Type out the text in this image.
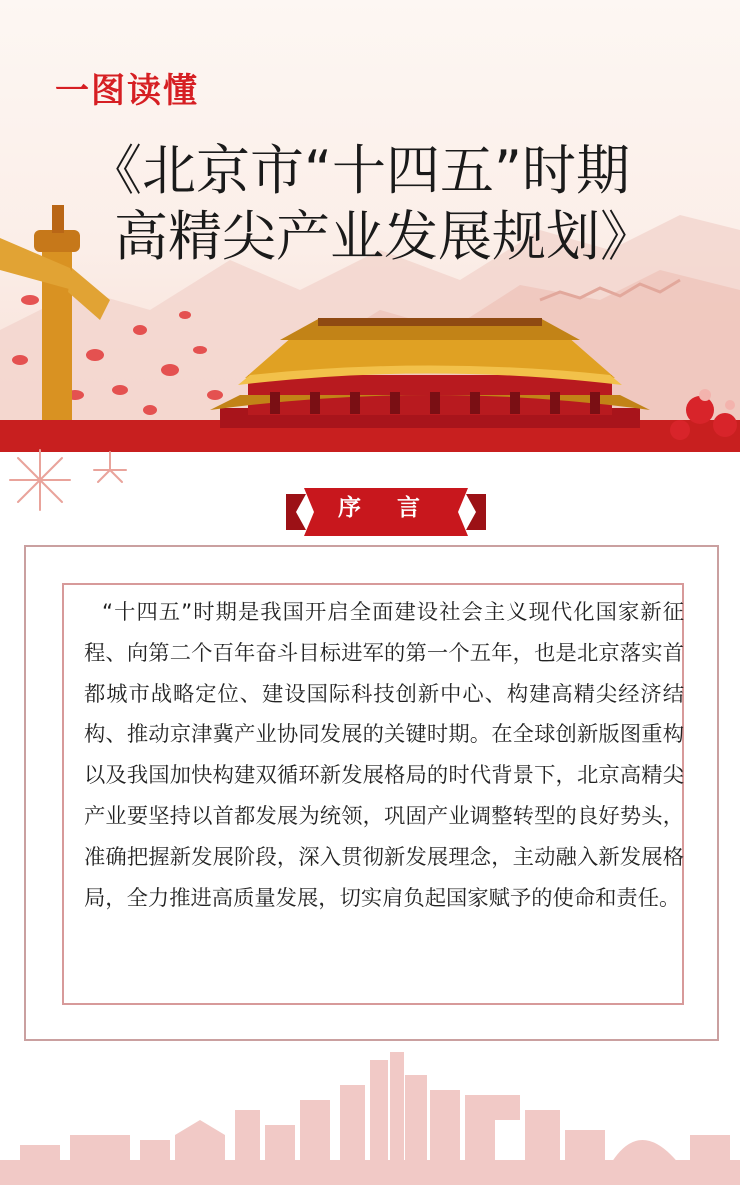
一图读懂
《北京市“十四五”时期
高精尖产业发展规划》
序 言
“十四五”时期是我国开启全面建设社会主义现代化国家新征程、向第二个百年奋斗目标进军的第一个五年，也是北京落实首都城市战略定位、建设国际科技创新中心、构建高精尖经济结构、推动京津冀产业协同发展的关键时期。在全球创新版图重构以及我国加快构建双循环新发展格局的时代背景下，北京高精尖产业要坚持以首都发展为统领，巩固产业调整转型的良好势头，准确把握新发展阶段，深入贯彻新发展理念，主动融入新发展格局，全力推进高质量发展，切实肩负起国家赋予的使命和责任。
